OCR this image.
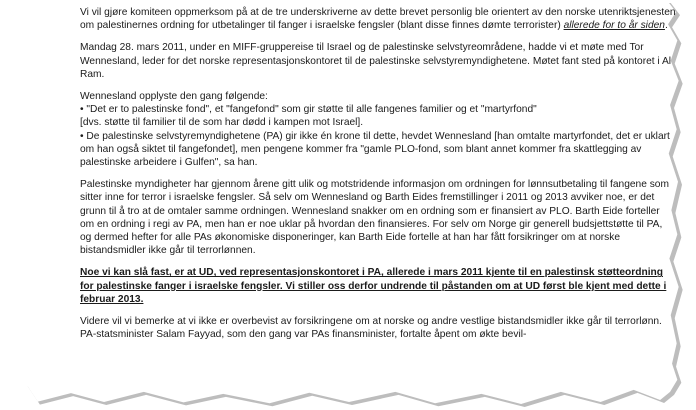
Vi vil gjøre komiteen oppmerksom på at de tre underskriverne av dette brevet personlig ble orientert av den norske utenriktsjenesten om palestinernes ordning for utbetalinger til fanger i israelske fengsler (blant disse finnes dømte terrorister) allerede for to år siden.

Mandag 28. mars 2011, under en MIFF-gruppereise til Israel og de palestinske selvstyreområdene, hadde vi et møte med Tor Wennesland, leder for det norske representasjonskontoret til de palestinske selvstyremyndighetene. Møtet fant sted på kontoret i Al Ram.

Wennesland opplyste den gang følgende:
• "Det er to palestinske fond", et "fangefond" som gir støtte til alle fangenes familier og et "martyrfond"
[dvs. støtte til familier til de som har dødd i kampen mot Israel].
• De palestinske selvstyremyndighetene (PA) gir ikke én krone til dette, hevdet Wennesland [han omtalte martyrfondet, det er uklart om han også siktet til fangefondet], men pengene kommer fra "gamle PLO-fond, som blant annet kommer fra skattlegging av palestinske arbeidere i Gulfen", sa han.

Palestinske myndigheter har gjennom årene gitt ulik og motstridende informasjon om ordningen for lønnsutbetaling til fangene som sitter inne for terror i israelske fengsler. Så selv om Wennesland og Barth Eides fremstillinger i 2011 og 2013 avviker noe, er det grunn til å tro at de omtaler samme ordningen. Wennesland snakker om en ordning som er finansiert av PLO. Barth Eide forteller om en ordning i regi av PA, men han er noe uklar på hvordan den finansieres. For selv om Norge gir generell budsjettstøtte til PA, og dermed hefter for alle PAs økonomiske disponeringer, kan Barth Eide fortelle at han har fått forsikringer om at norske bistandsmidler ikke går til terrorlønnen.

Noe vi kan slå fast, er at UD, ved representasjonskontoret i PA, allerede i mars 2011 kjente til en palestinsk støtteordning for palestinske fanger i israelske fengsler. Vi stiller oss derfor undrende til påstanden om at UD først ble kjent med dette i februar 2013.

Videre vil vi bemerke at vi ikke er overbevist av forsikringene om at norske og andre vestlige bistandsmidler ikke går til terrorlønn. PA-statsminister Salam Fayyad, som den gang var PAs finansminister, fortalte åpent om økte bevil-
